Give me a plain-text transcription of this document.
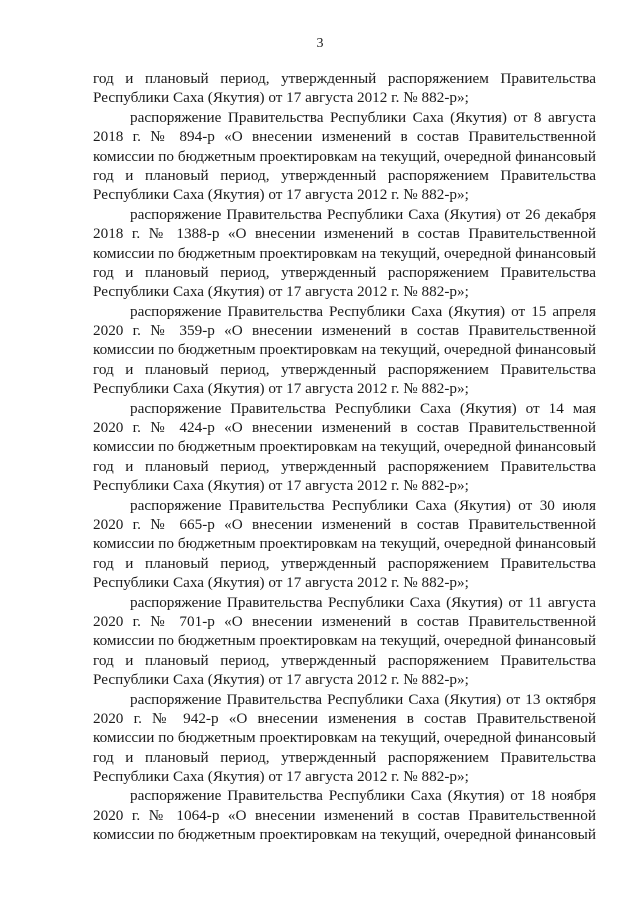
3
год и плановый период, утвержденный распоряжением Правительства
Республики Саха (Якутия) от 17 августа 2012 г. № 882-р»;
распоряжение Правительства Республики Саха (Якутия) от 8 августа
2018 г. № 894-р «О внесении изменений в состав Правительственной
комиссии по бюджетным проектировкам на текущий, очередной финансовый
год и плановый период, утвержденный распоряжением Правительства
Республики Саха (Якутия) от 17 августа 2012 г. № 882-р»;
распоряжение Правительства Республики Саха (Якутия) от 26 декабря
2018 г. № 1388-р «О внесении изменений в состав Правительственной
комиссии по бюджетным проектировкам на текущий, очередной финансовый
год и плановый период, утвержденный распоряжением Правительства
Республики Саха (Якутия) от 17 августа 2012 г. № 882-р»;
распоряжение Правительства Республики Саха (Якутия) от 15 апреля
2020 г. № 359-р «О внесении изменений в состав Правительственной
комиссии по бюджетным проектировкам на текущий, очередной финансовый
год и плановый период, утвержденный распоряжением Правительства
Республики Саха (Якутия) от 17 августа 2012 г. № 882-р»;
распоряжение Правительства Республики Саха (Якутия) от 14 мая
2020 г. № 424-р «О внесении изменений в состав Правительственной
комиссии по бюджетным проектировкам на текущий, очередной финансовый
год и плановый период, утвержденный распоряжением Правительства
Республики Саха (Якутия) от 17 августа 2012 г. № 882-р»;
распоряжение Правительства Республики Саха (Якутия) от 30 июля
2020 г. № 665-р «О внесении изменений в состав Правительственной
комиссии по бюджетным проектировкам на текущий, очередной финансовый
год и плановый период, утвержденный распоряжением Правительства
Республики Саха (Якутия) от 17 августа 2012 г. № 882-р»;
распоряжение Правительства Республики Саха (Якутия) от 11 августа
2020 г. № 701-р «О внесении изменений в состав Правительственной
комиссии по бюджетным проектировкам на текущий, очередной финансовый
год и плановый период, утвержденный распоряжением Правительства
Республики Саха (Якутия) от 17 августа 2012 г. № 882-р»;
распоряжение Правительства Республики Саха (Якутия) от 13 октября
2020 г. № 942-р «О внесении изменения в состав Правительственой
комиссии по бюджетным проектировкам на текущий, очередной финансовый
год и плановый период, утвержденный распоряжением Правительства
Республики Саха (Якутия) от 17 августа 2012 г. № 882-р»;
распоряжение Правительства Республики Саха (Якутия) от 18 ноября
2020 г. № 1064-р «О внесении изменений в состав Правительственной
комиссии по бюджетным проектировкам на текущий, очередной финансовый
